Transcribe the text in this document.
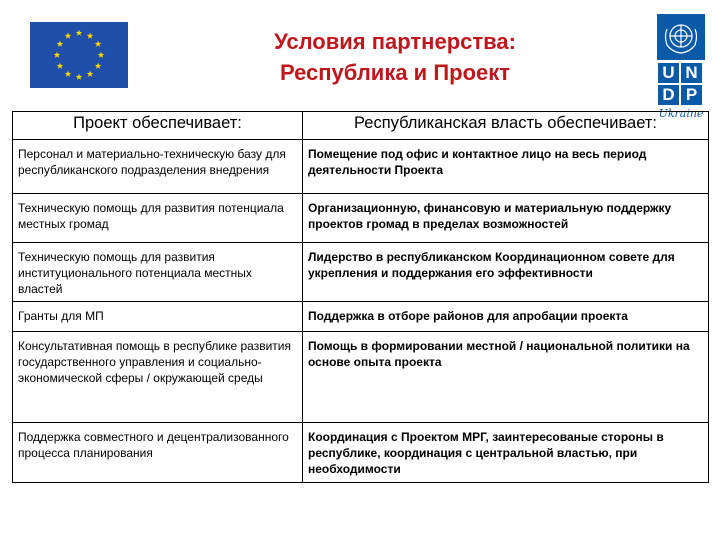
Условия партнерства:
Республика и Проект	U N
D P
Ukraine
Проект обеспечивает:	Республиканская власть обеспечивает:
Персонал и материально-техническую базу для республиканского подразделения внедрения	Помещение под офис и контактное лицо на весь период деятельности Проекта
Техническую помощь для развития потенциала местных громад	Организационную, финансовую и материальную поддержку проектов громад в пределах возможностей
Техническую помощь для развития институционального потенциала местных властей	Лидерство в республиканском Координационном совете для укрепления и поддержания его эффективности
Гранты для МП	Поддержка в отборе районов для апробации проекта
Консультативная помощь в республике развития государственного управления и социально-экономической сферы / окружающей среды	Помощь в формировании местной / национальной политики на основе опыта проекта
Поддержка совместного и децентрализованного процесса планирования	Координация с Проектом МРГ, заинтересованые стороны в республике, координация с центральной властью, при необходимости
